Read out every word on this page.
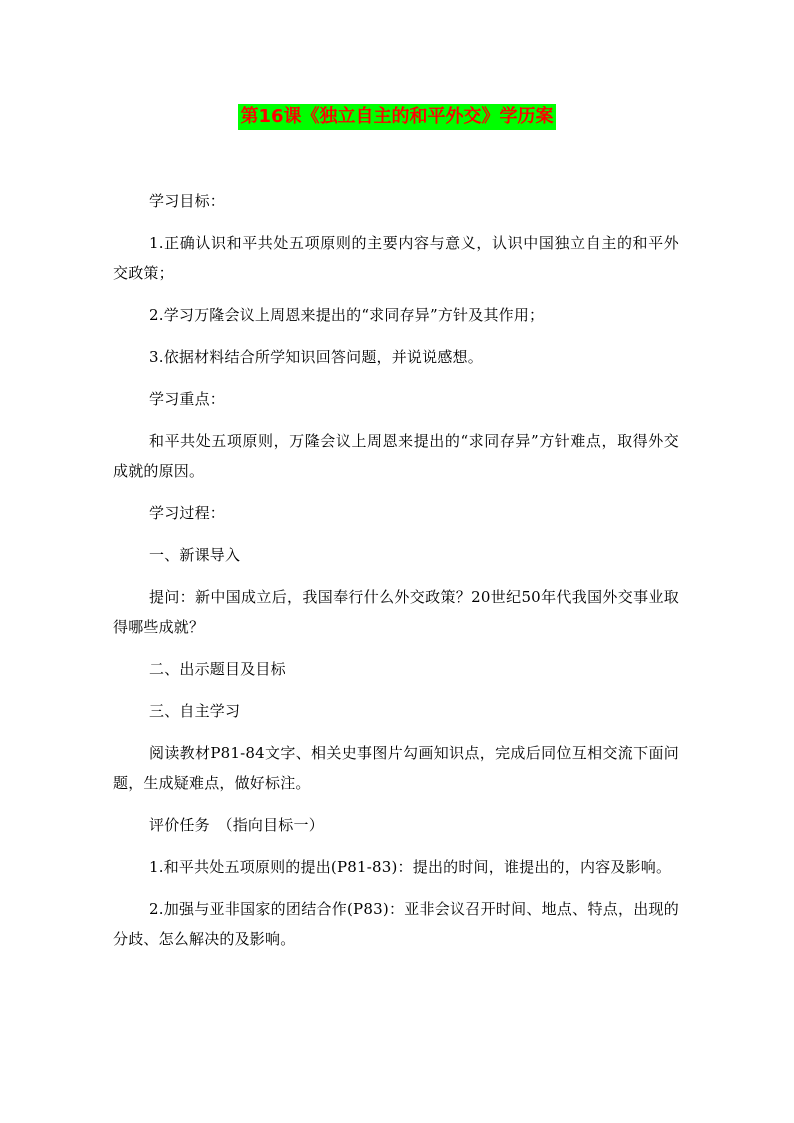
第16课《独立自主的和平外交》学历案

学习目标：

1.正确认识和平共处五项原则的主要内容与意义，认识中国独立自主的和平外交政策；

2.学习万隆会议上周恩来提出的“求同存异”方针及其作用；

3.依据材料结合所学知识回答问题，并说说感想。

学习重点：

和平共处五项原则，万隆会议上周恩来提出的“求同存异”方针难点，取得外交成就的原因。

学习过程：

一、新课导入

提问：新中国成立后，我国奉行什么外交政策？20世纪50年代我国外交事业取得哪些成就？

二、出示题目及目标

三、自主学习

阅读教材P81-84文字、相关史事图片勾画知识点，完成后同位互相交流下面问题，生成疑难点，做好标注。

评价任务　（指向目标一）

1.和平共处五项原则的提出(P81-83)：提出的时间，谁提出的，内容及影响。

2.加强与亚非国家的团结合作(P83)：亚非会议召开时间、地点、特点，出现的分歧、怎么解决的及影响。
